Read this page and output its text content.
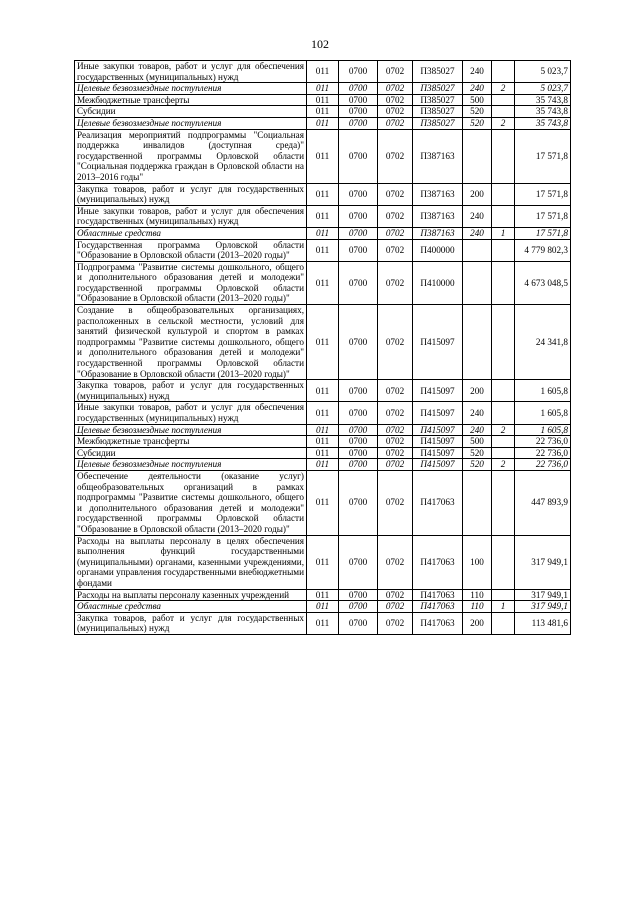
102
Иные закупки товаров, работ и услуг для обеспечения государственных (муниципальных) нужд	011	0700	0702	П385027	240		5 023,7
Целевые безвозмездные поступления	011	0700	0702	П385027	240	2	5 023,7
Межбюджетные трансферты	011	0700	0702	П385027	500		35 743,8
Субсидии	011	0700	0702	П385027	520		35 743,8
Целевые безвозмездные поступления	011	0700	0702	П385027	520	2	35 743,8
Реализация мероприятий подпрограммы "Социальная поддержка инвалидов (доступная среда)" государственной программы Орловской области "Социальная поддержка граждан в Орловской области на 2013–2016 годы"	011	0700	0702	П387163			17 571,8
Закупка товаров, работ и услуг для государственных (муниципальных) нужд	011	0700	0702	П387163	200		17 571,8
Иные закупки товаров, работ и услуг для обеспечения государственных (муниципальных) нужд	011	0700	0702	П387163	240		17 571,8
Областные средства	011	0700	0702	П387163	240	1	17 571,8
Государственная программа Орловской области "Образование в Орловской области (2013–2020 годы)"	011	0700	0702	П400000			4 779 802,3
Подпрограмма "Развитие системы дошкольного, общего и дополнительного образования детей и молодежи" государственной программы Орловской области "Образование в Орловской области (2013–2020 годы)"	011	0700	0702	П410000			4 673 048,5
Создание в общеобразовательных организациях, расположенных в сельской местности, условий для занятий физической культурой и спортом в рамках подпрограммы "Развитие системы дошкольного, общего и дополнительного образования детей и молодежи" государственной программы Орловской области "Образование в Орловской области (2013–2020 годы)"	011	0700	0702	П415097			24 341,8
Закупка товаров, работ и услуг для государственных (муниципальных) нужд	011	0700	0702	П415097	200		1 605,8
Иные закупки товаров, работ и услуг для обеспечения государственных (муниципальных) нужд	011	0700	0702	П415097	240		1 605,8
Целевые безвозмездные поступления	011	0700	0702	П415097	240	2	1 605,8
Межбюджетные трансферты	011	0700	0702	П415097	500		22 736,0
Субсидии	011	0700	0702	П415097	520		22 736,0
Целевые безвозмездные поступления	011	0700	0702	П415097	520	2	22 736,0
Обеспечение деятельности (оказание услуг) общеобразовательных организаций в рамках подпрограммы "Развитие системы дошкольного, общего и дополнительного образования детей и молодежи" государственной программы Орловской области "Образование в Орловской области (2013–2020 годы)"	011	0700	0702	П417063			447 893,9
Расходы на выплаты персоналу в целях обеспечения выполнения функций государственными (муниципальными) органами, казенными учреждениями, органами управления государственными внебюджетными фондами	011	0700	0702	П417063	100		317 949,1
Расходы на выплаты персоналу казенных учреждений	011	0700	0702	П417063	110		317 949,1
Областные средства	011	0700	0702	П417063	110	1	317 949,1
Закупка товаров, работ и услуг для государственных (муниципальных) нужд	011	0700	0702	П417063	200		113 481,6
